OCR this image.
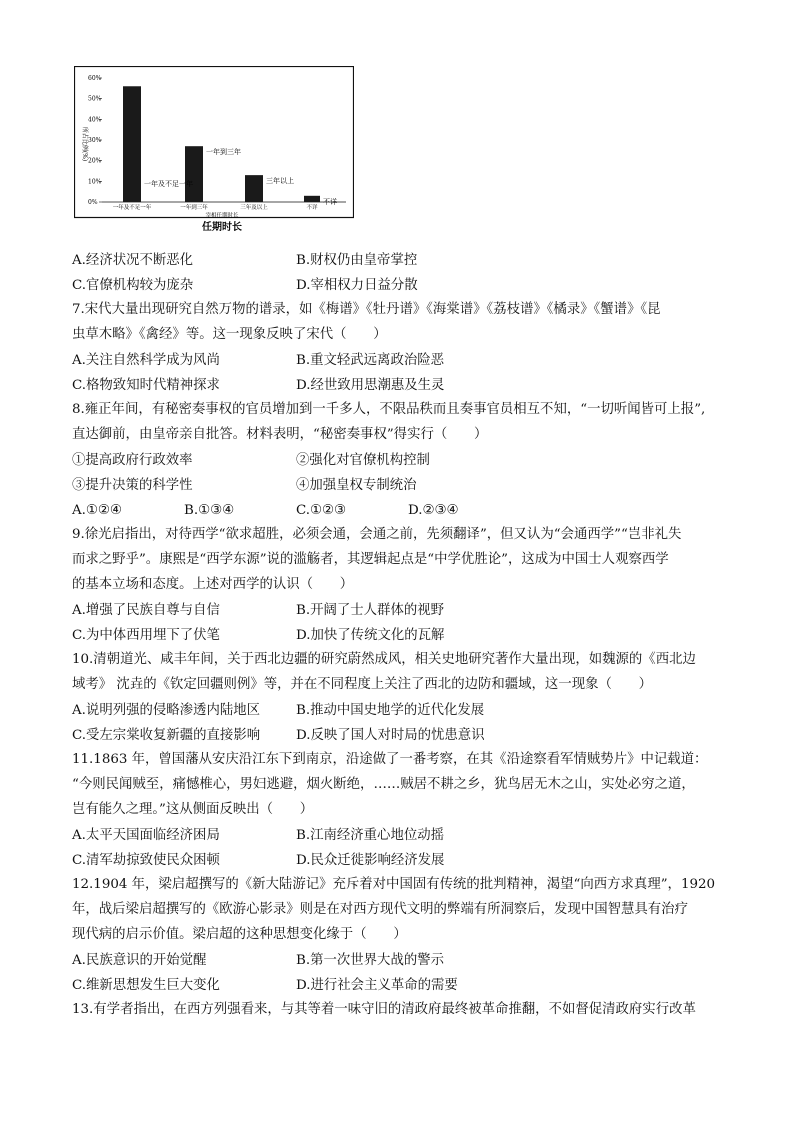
60%
50%
40%
30%
20%
10%
0%
一年及不足一年
一年到三年
三年以上
不详
一年及不足一年	一年到三年	三年及以上	不详
所占比例(%)
宰相任期时长
任期时长
A.经济状况不断恶化	B.财权仍由皇帝掌控
C.官僚机构较为庞杂	D.宰相权力日益分散
7.宋代大量出现研究自然万物的谱录，如《梅谱》《牡丹谱》《海棠谱》《荔枝谱》《橘录》《蟹谱》《昆
虫草木略》《禽经》等。这一现象反映了宋代（　　）
A.关注自然科学成为风尚	B.重文轻武远离政治险恶
C.格物致知时代精神探求	D.经世致用思潮惠及生灵
8.雍正年间，有秘密奏事权的官员增加到一千多人，不限品秩而且奏事官员相互不知，“一切听闻皆可上报”,
直达御前，由皇帝亲自批答。材料表明，“秘密奏事权”得实行（　　）
①提高政府行政效率	②强化对官僚机构控制
③提升决策的科学性	④加强皇权专制统治
A.①②④	B.①③④	C.①②③	D.②③④
9.徐光启指出，对待西学“欲求超胜，必须会通，会通之前，先须翻译”，但又认为“会通西学”“岂非礼失
而求之野乎”。康熙是“西学东源”说的滥觞者，其逻辑起点是“中学优胜论”，这成为中国士人观察西学
的基本立场和态度。上述对西学的认识（　　）
A.增强了民族自尊与自信	B.开阔了士人群体的视野
C.为中体西用埋下了伏笔	D.加快了传统文化的瓦解
10.清朝道光、咸丰年间，关于西北边疆的研究蔚然成风，相关史地研究著作大量出现，如魏源的《西北边
域考》 沈垚的《钦定回疆则例》等，并在不同程度上关注了西北的边防和疆域，这一现象（　　）
A.说明列强的侵略渗透内陆地区	B.推动中国史地学的近代化发展
C.受左宗棠收复新疆的直接影响	D.反映了国人对时局的忧患意识
11.1863 年，曾国藩从安庆沿江东下到南京，沿途做了一番考察，在其《沿途察看军情贼势片》中记载道：
“今则民闻贼至，痛憾椎心，男妇逃避，烟火断绝，……贼居不耕之乡，犹鸟居无木之山，实处必穷之道，
岂有能久之理。”这从侧面反映出（　　）
A.太平天国面临经济困局	B.江南经济重心地位动摇
C.清军劫掠致使民众困顿	D.民众迁徙影响经济发展
12.1904 年，梁启超撰写的《新大陆游记》充斥着对中国固有传统的批判精神，渴望“向西方求真理”，1920
年，战后梁启超撰写的《欧游心影录》则是在对西方现代文明的弊端有所洞察后，发现中国智慧具有治疗
现代病的启示价值。梁启超的这种思想变化缘于（　　）
A.民族意识的开始觉醒	B.第一次世界大战的警示
C.维新思想发生巨大变化	D.进行社会主义革命的需要
13.有学者指出，在西方列强看来，与其等着一味守旧的清政府最终被革命推翻，不如督促清政府实行改革
